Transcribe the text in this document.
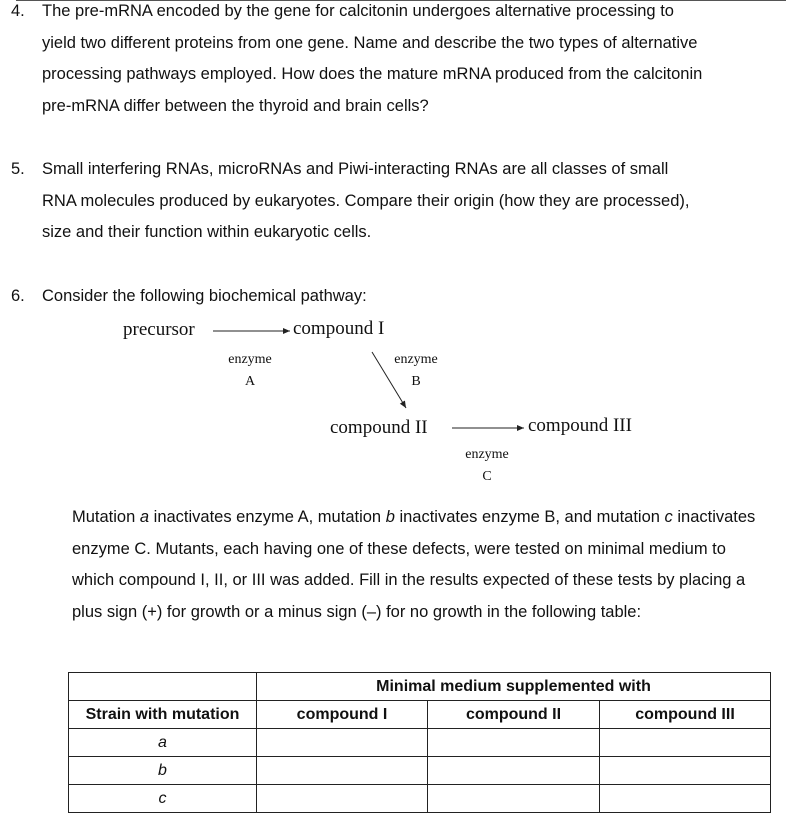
4. The pre-mRNA encoded by the gene for calcitonin undergoes alternative processing to
yield two different proteins from one gene. Name and describe the two types of alternative
processing pathways employed. How does the mature mRNA produced from the calcitonin
pre-mRNA differ between the thyroid and brain cells?
5. Small interfering RNAs, microRNAs and Piwi-interacting RNAs are all classes of small
RNA molecules produced by eukaryotes. Compare their origin (how they are processed),
size and their function within eukaryotic cells.
6. Consider the following biochemical pathway:
precursor	compound I
enzyme
A
enzyme
B
compound II	compound III
enzyme
C
Mutation a inactivates enzyme A, mutation b inactivates enzyme B, and mutation c inactivates enzyme C. Mutants, each having one of these defects, were tested on minimal medium to which compound I, II, or III was added. Fill in the results expected of these tests by placing a plus sign (+) for growth or a minus sign (–) for no growth in the following table:
	Minimal medium supplemented with		
Strain with mutation	compound I	compound II	compound III
a			
b			
c			
